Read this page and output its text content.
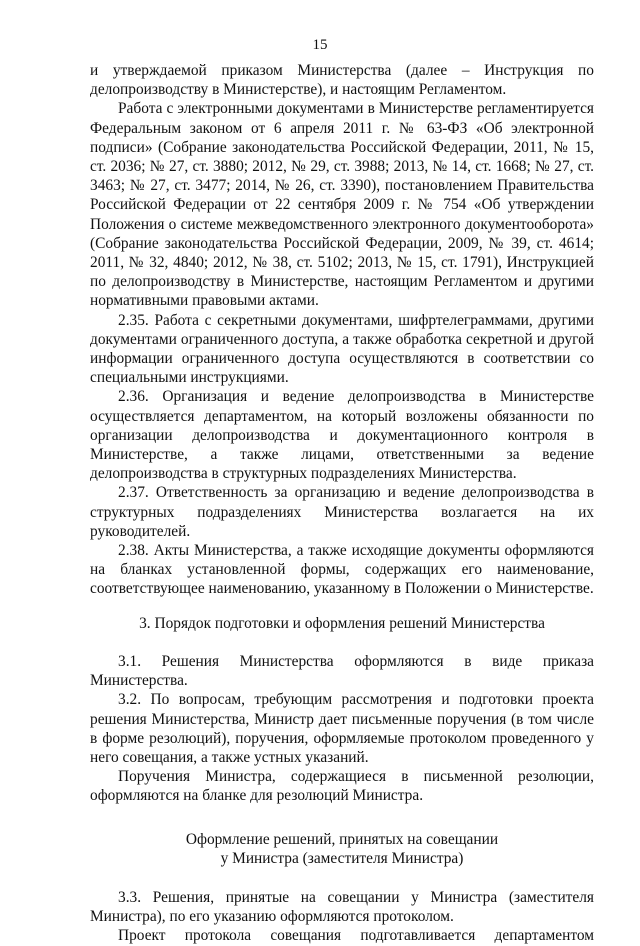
15

и утверждаемой приказом Министерства (далее – Инструкция по делопроизводству в Министерстве), и настоящим Регламентом.

Работа с электронными документами в Министерстве регламентируется Федеральным законом от 6 апреля 2011 г. № 63-ФЗ «Об электронной подписи» (Собрание законодательства Российской Федерации, 2011, № 15, ст. 2036; № 27, ст. 3880; 2012, № 29, ст. 3988; 2013, № 14, ст. 1668; № 27, ст. 3463; № 27, ст. 3477; 2014, № 26, ст. 3390), постановлением Правительства Российской Федерации от 22 сентября 2009 г. № 754 «Об утверждении Положения о системе межведомственного электронного документооборота» (Собрание законодательства Российской Федерации, 2009, № 39, ст. 4614; 2011, № 32, 4840; 2012, № 38, ст. 5102; 2013, № 15, ст. 1791), Инструкцией по делопроизводству в Министерстве, настоящим Регламентом и другими нормативными правовыми актами.

2.35. Работа с секретными документами, шифртелеграммами, другими документами ограниченного доступа, а также обработка секретной и другой информации ограниченного доступа осуществляются в соответствии со специальными инструкциями.

2.36. Организация и ведение делопроизводства в Министерстве осуществляется департаментом, на который возложены обязанности по организации делопроизводства и документационного контроля в Министерстве, а также лицами, ответственными за ведение делопроизводства в структурных подразделениях Министерства.

2.37. Ответственность за организацию и ведение делопроизводства в структурных подразделениях Министерства возлагается на их руководителей.

2.38. Акты Министерства, а также исходящие документы оформляются на бланках установленной формы, содержащих его наименование, соответствующее наименованию, указанному в Положении о Министерстве.

3. Порядок подготовки и оформления решений Министерства

3.1. Решения Министерства оформляются в виде приказа Министерства.

3.2. По вопросам, требующим рассмотрения и подготовки проекта решения Министерства, Министр дает письменные поручения (в том числе в форме резолюций), поручения, оформляемые протоколом проведенного у него совещания, а также устных указаний.

Поручения Министра, содержащиеся в письменной резолюции, оформляются на бланке для резолюций Министра.

Оформление решений, принятых на совещании

у Министра (заместителя Министра)

3.3. Решения, принятые на совещании у Министра (заместителя Министра), по его указанию оформляются протоколом.

Проект протокола совещания подготавливается департаментом
